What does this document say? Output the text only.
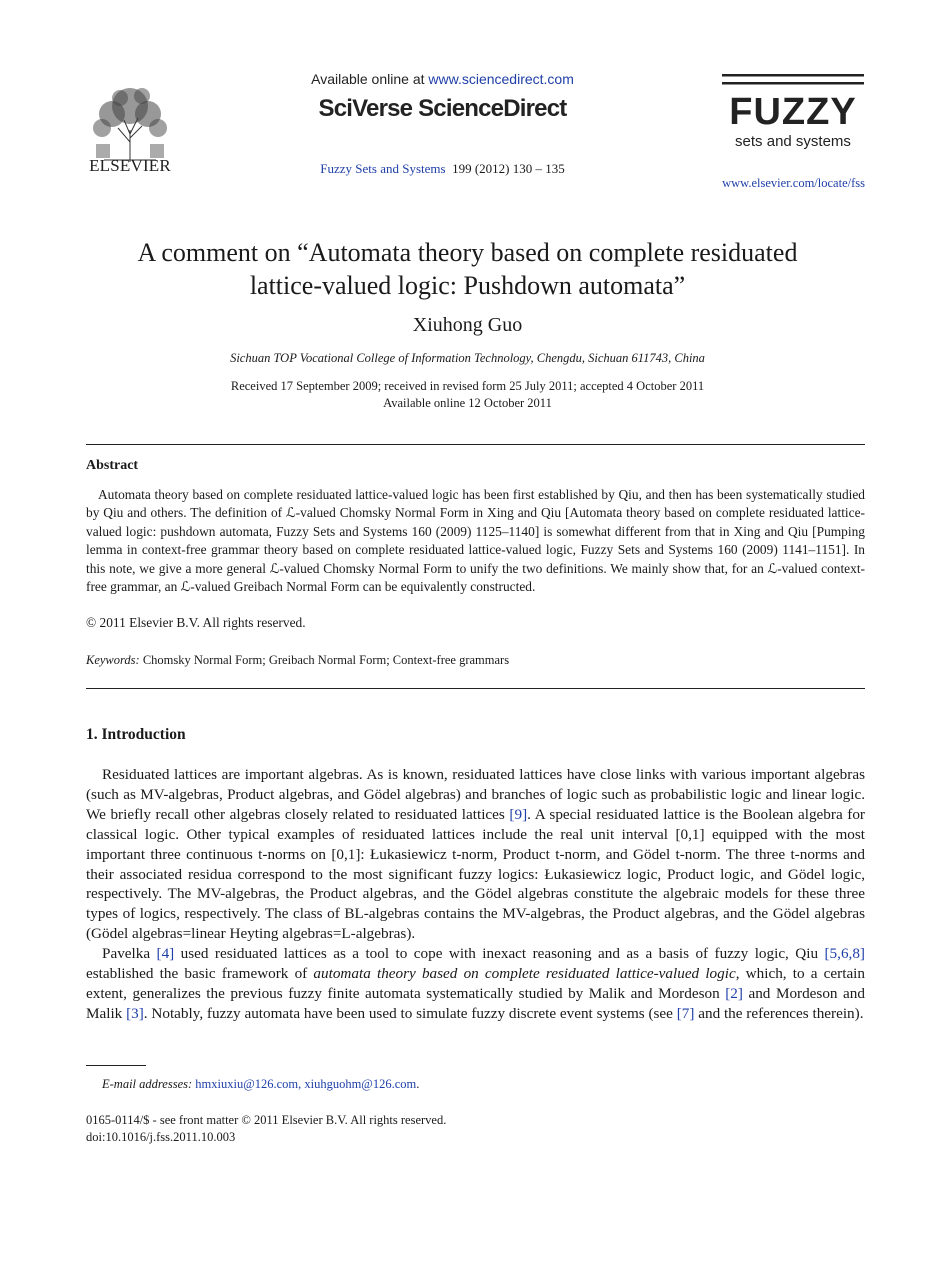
ELSEVIER
Available online at www.sciencedirect.com
SciVerse ScienceDirect
Fuzzy Sets and Systems 199 (2012) 130 – 135
FUZZY
sets and systems
www.elsevier.com/locate/fss
A comment on “Automata theory based on complete residuated
lattice-valued logic: Pushdown automata”
Xiuhong Guo
Sichuan TOP Vocational College of Information Technology, Chengdu, Sichuan 611743, China
Received 17 September 2009; received in revised form 25 July 2011; accepted 4 October 2011
Available online 12 October 2011
Abstract

Automata theory based on complete residuated lattice-valued logic has been first established by Qiu, and then has been systematically studied by Qiu and others. The definition of ℒ-valued Chomsky Normal Form in Xing and Qiu [Automata theory based on complete residuated lattice-valued logic: pushdown automata, Fuzzy Sets and Systems 160 (2009) 1125–1140] is somewhat different from that in Xing and Qiu [Pumping lemma in context-free grammar theory based on complete residuated lattice-valued logic, Fuzzy Sets and Systems 160 (2009) 1141–1151]. In this note, we give a more general ℒ-valued Chomsky Normal Form to unify the two definitions. We mainly show that, for an ℒ-valued context-free grammar, an ℒ-valued Greibach Normal Form can be equivalently constructed.

© 2011 Elsevier B.V. All rights reserved.
Keywords: Chomsky Normal Form; Greibach Normal Form; Context-free grammars
1. Introduction

Residuated lattices are important algebras. As is known, residuated lattices have close links with various important algebras (such as MV-algebras, Product algebras, and Gödel algebras) and branches of logic such as probabilistic logic and linear logic. We briefly recall other algebras closely related to residuated lattices [9]. A special residuated lattice is the Boolean algebra for classical logic. Other typical examples of residuated lattices include the real unit interval [0,1] equipped with the most important three continuous t-norms on [0,1]: Łukasiewicz t-norm, Product t-norm, and Gödel t-norm. The three t-norms and their associated residua correspond to the most significant fuzzy logics: Łukasiewicz logic, Product logic, and Gödel logic, respectively. The MV-algebras, the Product algebras, and the Gödel algebras constitute the algebraic models for these three types of logics, respectively. The class of BL-algebras contains the MV-algebras, the Product algebras, and the Gödel algebras (Gödel algebras=linear Heyting algebras=L-algebras).

Pavelka [4] used residuated lattices as a tool to cope with inexact reasoning and as a basis of fuzzy logic, Qiu [5,6,8] established the basic framework of automata theory based on complete residuated lattice-valued logic, which, to a certain extent, generalizes the previous fuzzy finite automata systematically studied by Malik and Mordeson [2] and Mordeson and Malik [3]. Notably, fuzzy automata have been used to simulate fuzzy discrete event systems (see [7] and the references therein).

E-mail addresses: hmxiuxiu@126.com, xiuhguohm@126.com.
0165-0114/$ - see front matter © 2011 Elsevier B.V. All rights reserved.
doi:10.1016/j.fss.2011.10.003
